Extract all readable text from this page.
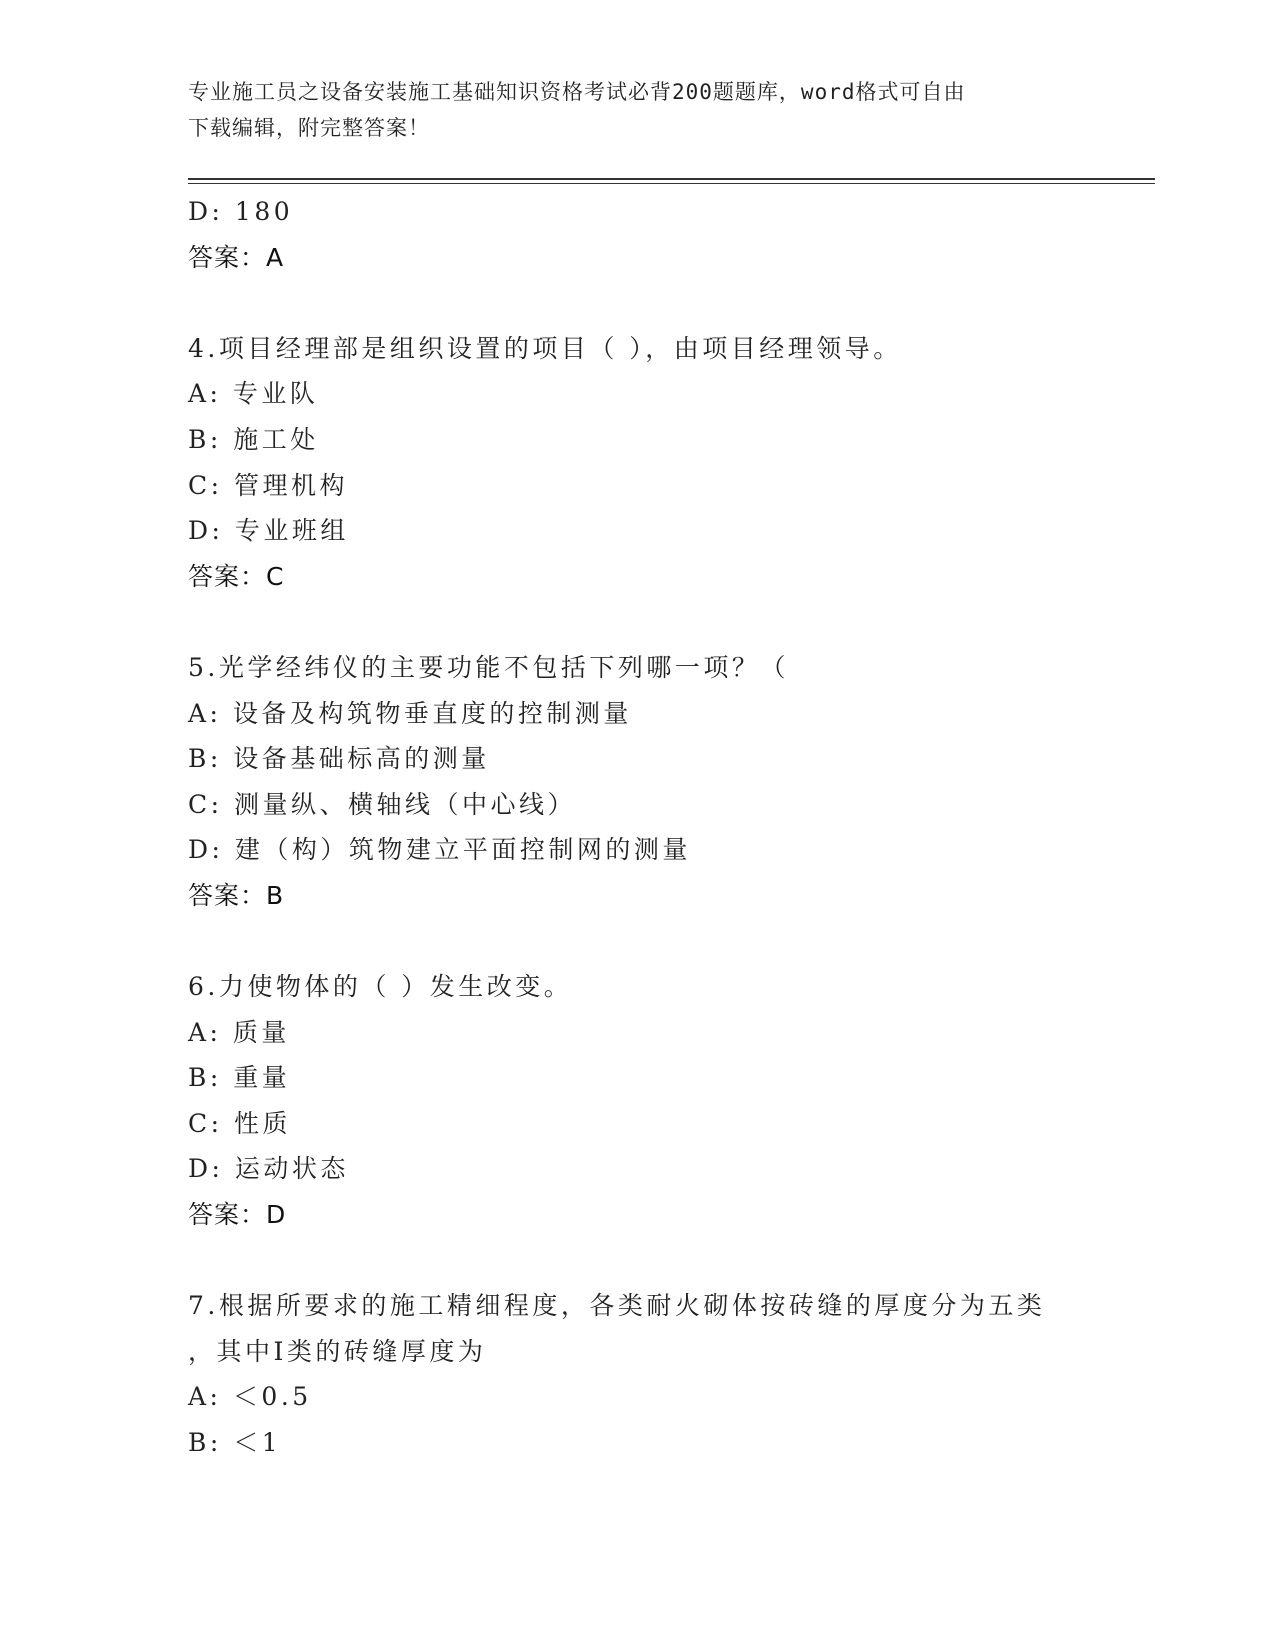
专业施工员之设备安装施工基础知识资格考试必背200题题库，word格式可自由
下载编辑，附完整答案！
D: 180
答案：A
4.项目经理部是组织设置的项目（ ），由项目经理领导。
A: 专业队
B: 施工处
C: 管理机构
D: 专业班组
答案：C
5.光学经纬仪的主要功能不包括下列哪一项？（
A: 设备及构筑物垂直度的控制测量
B: 设备基础标高的测量
C: 测量纵、横轴线（中心线）
D: 建（构）筑物建立平面控制网的测量
答案：B
6.力使物体的（ ）发生改变。
A: 质量
B: 重量
C: 性质
D: 运动状态
答案：D
7.根据所要求的施工精细程度，各类耐火砌体按砖缝的厚度分为五类
，其中Ⅰ类的砖缝厚度为
A: ＜0.5
B: ＜1
